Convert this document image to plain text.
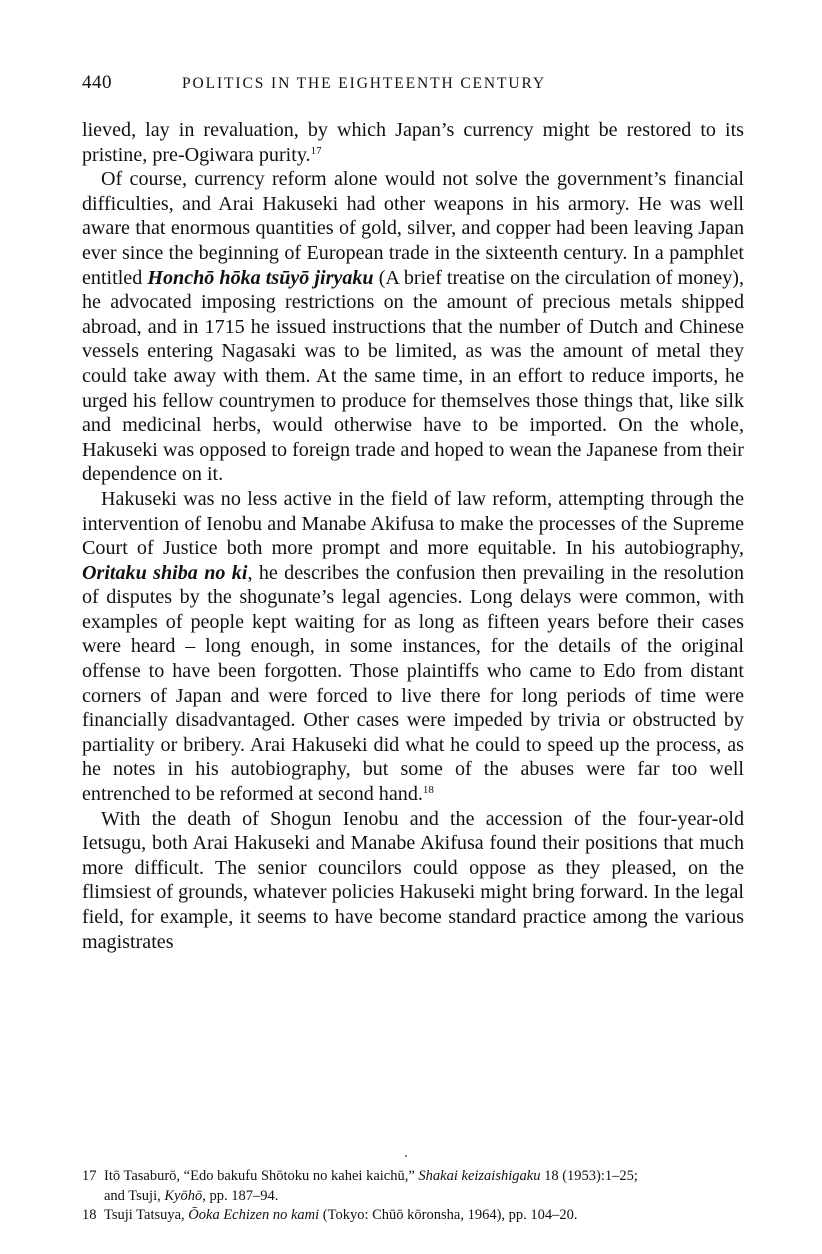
440	POLITICS IN THE EIGHTEENTH CENTURY

lieved, lay in revaluation, by which Japan’s currency might be restored to its pristine, pre-Ogiwara purity.$^{17}$

Of course, currency reform alone would not solve the government’s financial difficulties, and Arai Hakuseki had other weapons in his armory. He was well aware that enormous quantities of gold, silver, and copper had been leaving Japan ever since the beginning of European trade in the sixteenth century. In a pamphlet entitled Honchō hōka tsūyō jiryaku (A brief treatise on the circulation of money), he advocated imposing restrictions on the amount of precious metals shipped abroad, and in 1715 he issued instructions that the number of Dutch and Chinese vessels entering Nagasaki was to be limited, as was the amount of metal they could take away with them. At the same time, in an effort to reduce imports, he urged his fellow countrymen to produce for themselves those things that, like silk and medicinal herbs, would otherwise have to be imported. On the whole, Hakuseki was opposed to foreign trade and hoped to wean the Japanese from their dependence on it.

Hakuseki was no less active in the field of law reform, attempting through the intervention of Ienobu and Manabe Akifusa to make the processes of the Supreme Court of Justice both more prompt and more equitable. In his autobiography, Oritaku shiba no ki, he describes the confusion then prevailing in the resolution of disputes by the shogunate’s legal agencies. Long delays were common, with examples of people kept waiting for as long as fifteen years before their cases were heard – long enough, in some instances, for the details of the original offense to have been forgotten. Those plaintiffs who came to Edo from distant corners of Japan and were forced to live there for long periods of time were financially disadvantaged. Other cases were impeded by trivia or obstructed by partiality or bribery. Arai Hakuseki did what he could to speed up the process, as he notes in his autobiography, but some of the abuses were far too well entrenched to be reformed at second hand.$^{18}$

With the death of Shogun Ienobu and the accession of the four-year-old Ietsugu, both Arai Hakuseki and Manabe Akifusa found their positions that much more difficult. The senior councilors could oppose as they pleased, on the flimsiest of grounds, whatever policies Hakuseki might bring forward. In the legal field, for example, it seems to have become standard practice among the various magistrates

17 Itō Tasaburō, “Edo bakufu Shōtoku no kahei kaichū,” Shakai keizaishigaku 18 (1953):1–25;
and Tsuji, Kyōhō, pp. 187–94.
18 Tsuji Tatsuya, Ōoka Echizen no kami (Tokyo: Chūō kōronsha, 1964), pp. 104–20.
